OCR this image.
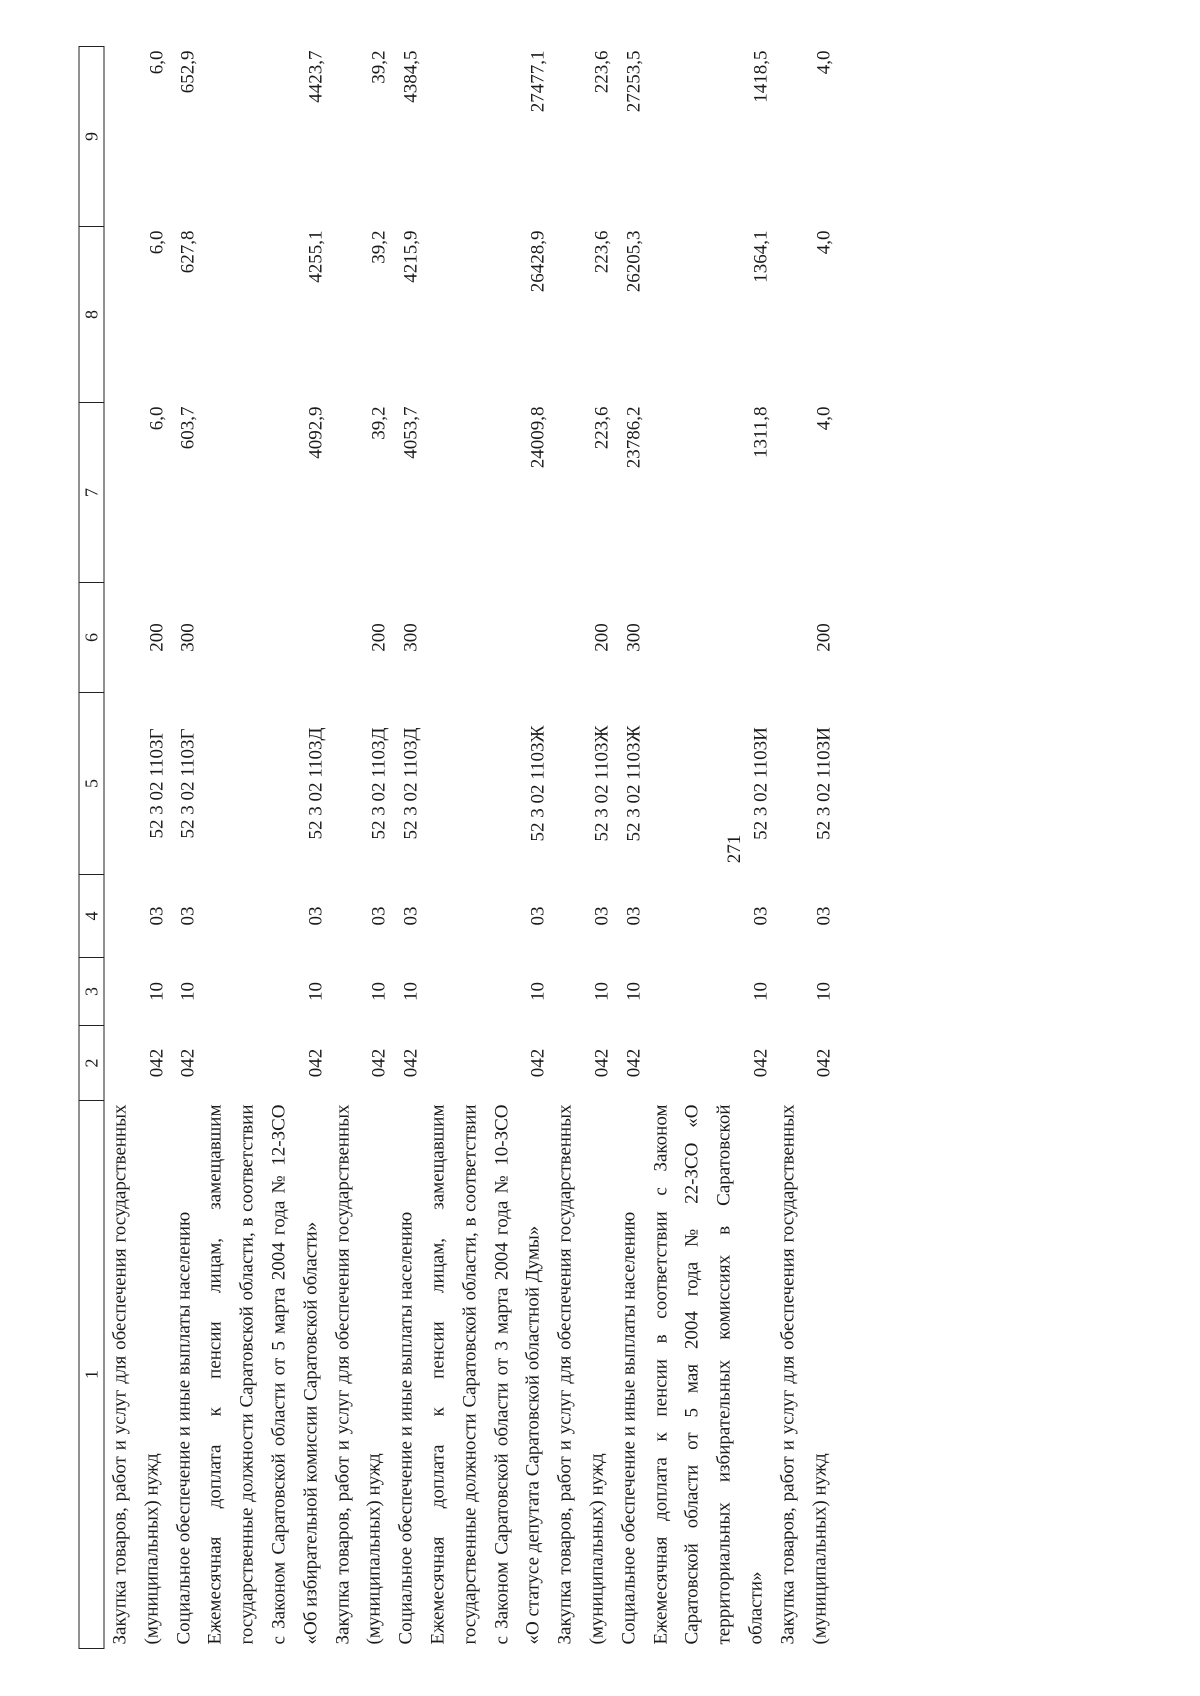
271
1	2	3	4	5	6	7	8	9
Закупка товаров, работ и услуг для обеспечения государственных (муниципальных) нужд	042	10	03	52 3 02 1103Г	200	6,0	6,0	6,0
Социальное обеспечение и иные выплаты населению	042	10	03	52 3 02 1103Г	300	603,7	627,8	652,9
Ежемесячная доплата к пенсии лицам, замещавшим государственные должности Саратовской области, в соответствии с Законом Саратовской области от 5 марта 2004 года № 12-ЗСО «Об избирательной комиссии Саратовской области»	042	10	03	52 3 02 1103Д		4092,9	4255,1	4423,7
Закупка товаров, работ и услуг для обеспечения государственных (муниципальных) нужд	042	10	03	52 3 02 1103Д	200	39,2	39,2	39,2
Социальное обеспечение и иные выплаты населению	042	10	03	52 3 02 1103Д	300	4053,7	4215,9	4384,5
Ежемесячная доплата к пенсии лицам, замещавшим государственные должности Саратовской области, в соответствии с Законом Саратовской области от 3 марта 2004 года № 10-ЗСО «О статусе депутата Саратовской областной Думы»	042	10	03	52 3 02 1103Ж		24009,8	26428,9	27477,1
Закупка товаров, работ и услуг для обеспечения государственных (муниципальных) нужд	042	10	03	52 3 02 1103Ж	200	223,6	223,6	223,6
Социальное обеспечение и иные выплаты населению	042	10	03	52 3 02 1103Ж	300	23786,2	26205,3	27253,5
Ежемесячная доплата к пенсии в соответствии с Законом Саратовской области от 5 мая 2004 года № 22-ЗСО «О территориальных избирательных комиссиях в Саратовской области»	042	10	03	52 3 02 1103И		1311,8	1364,1	1418,5
Закупка товаров, работ и услуг для обеспечения государственных (муниципальных) нужд	042	10	03	52 3 02 1103И	200	4,0	4,0	4,0
